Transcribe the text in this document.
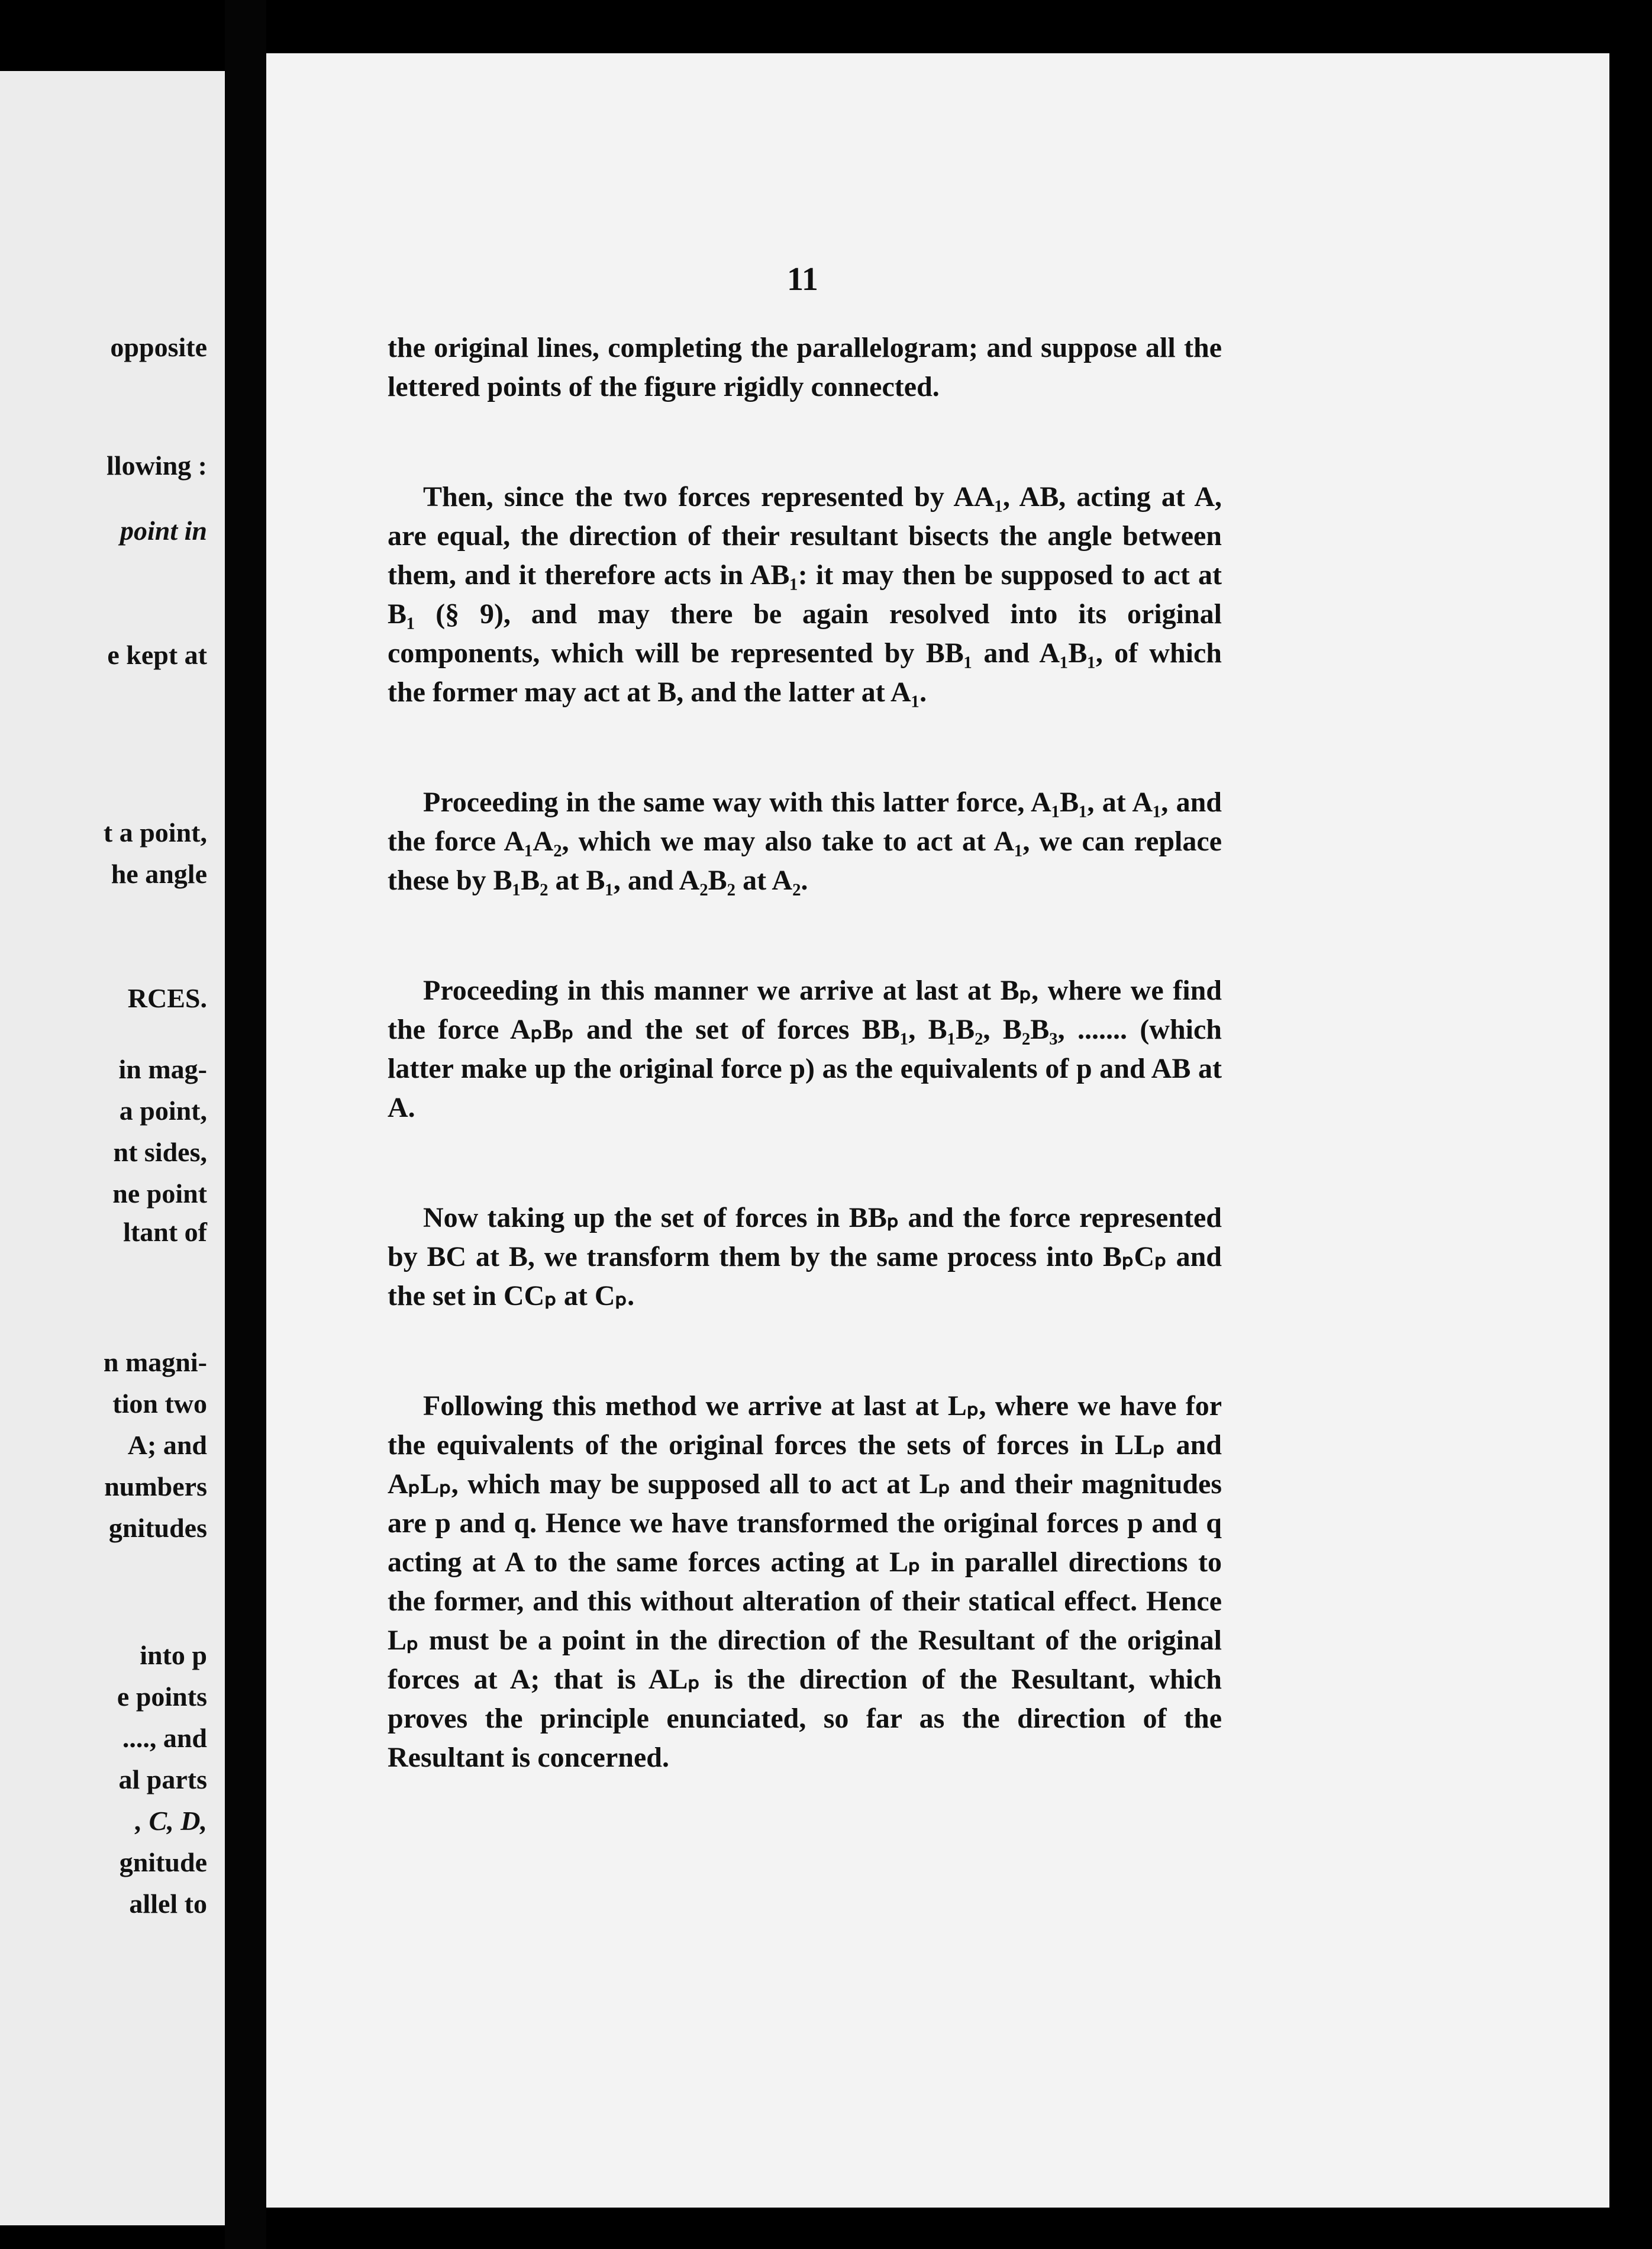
opposite
llowing :
point in
e kept at
t a point,
he angle
RCES.
in mag-
a point,
nt sides,
ne point
ltant of
n magni-
tion two
A; and
numbers
gnitudes
into p
e points
...., and
al parts
, C, D,
gnitude
allel to
11

the original lines, completing the parallelogram; and suppose all the lettered points of the figure rigidly connected.

Then, since the two forces represented by AA₁, AB, acting at A, are equal, the direction of their resultant bisects the angle between them, and it therefore acts in AB₁: it may then be supposed to act at B₁ (§ 9), and may there be again resolved into its original components, which will be represented by BB₁ and A₁B₁, of which the former may act at B, and the latter at A₁.

Proceeding in the same way with this latter force, A₁B₁, at A₁, and the force A₁A₂, which we may also take to act at A₁, we can replace these by B₁B₂ at B₁, and A₂B₂ at A₂.

Proceeding in this manner we arrive at last at Bₚ, where we find the force AₚBₚ and the set of forces BB₁, B₁B₂, B₂B₃, ....... (which latter make up the original force p) as the equivalents of p and AB at A.

Now taking up the set of forces in BBₚ and the force represented by BC at B, we transform them by the same process into BₚCₚ and the set in CCₚ at Cₚ.

Following this method we arrive at last at Lₚ, where we have for the equivalents of the original forces the sets of forces in LLₚ and AₚLₚ, which may be supposed all to act at Lₚ and their magnitudes are p and q. Hence we have transformed the original forces p and q acting at A to the same forces acting at Lₚ in parallel directions to the former, and this without alteration of their statical effect. Hence Lₚ must be a point in the direction of the Resultant of the original forces at A; that is ALₚ is the direction of the Resultant, which proves the principle enunciated, so far as the direction of the Resultant is concerned.
